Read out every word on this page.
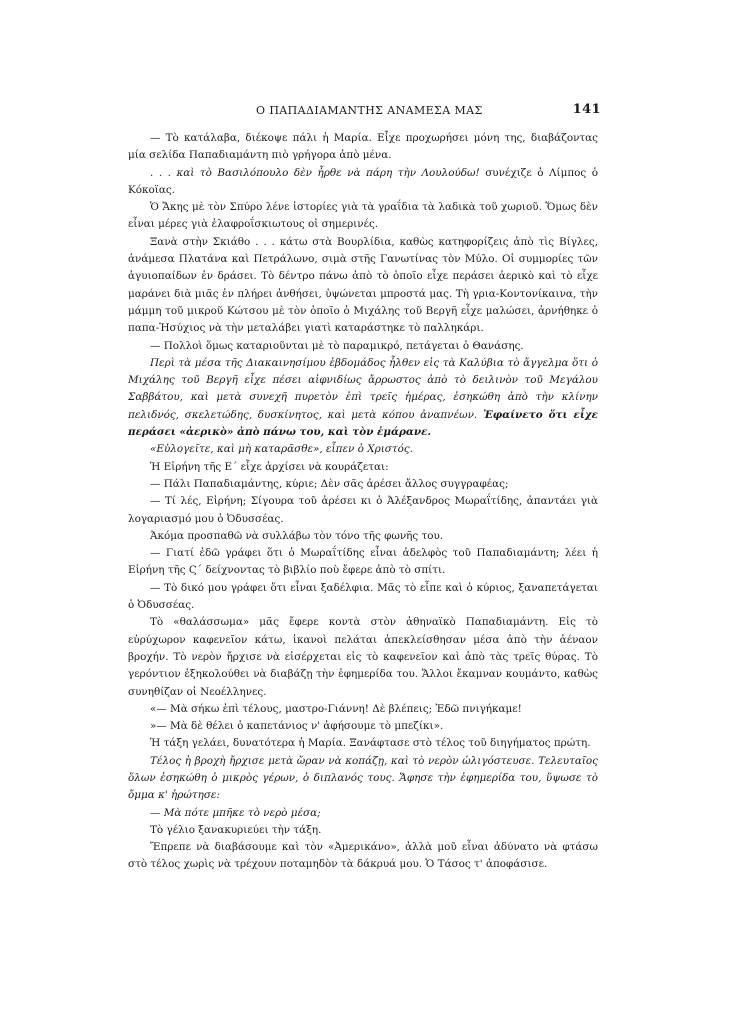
Ο ΠΑΠΑΔΙΑΜΑΝΤΗΣ ΑΝΑΜΕΣΑ ΜΑΣ	141

— Τὸ κατάλαβα, διέκοψε πάλι ἡ Μαρία. Εἶχε προχωρήσει μόνη της, διαβάζοντας μία σελίδα Παπαδιαμάντη πιὸ γρήγορα ἀπὸ μένα.

. . . καὶ τὸ Βασιλόπουλο δὲν ἦρθε νὰ πάρη τὴν Λουλούδω! συνέχιζε ὁ Λίμπος ὁ Κόκοϊας.

Ὁ Ἄκης μὲ τὸν Σπύρο λένε ἱστορίες γιὰ τὰ γραΐδια τὰ λαδικὰ τοῦ χωριοῦ. Ὅμως δὲν εἶναι μέρες γιὰ ἐλαφροΐσκιωτους οἱ σημερινές.

Ξανὰ στὴν Σκιάθο . . . κάτω στὰ Βουρλίδια, καθὼς κατηφορίζεις ἀπὸ τὶς Βίγλες, ἀνάμεσα Πλατάνα καὶ Πετράλωνο, σιμὰ στῆς Γανωτίνας τὸν Μύλο. Οἱ συμμορίες τῶν ἀγυιοπαίδων ἐν δράσει. Τὸ δέντρο πάνω ἀπὸ τὸ ὁποῖο εἶχε περάσει ἀερικὸ καὶ τὸ εἶχε μαράνει διὰ μιᾶς ἐν πλήρει ἀνθήσει, ὑψώνεται μπροστά μας. Τὴ γρια-Κοντονίκαινα, τὴν μάμμη τοῦ μικροῦ Κώτσου μὲ τὸν ὁποῖο ὁ Μιχάλης τοῦ Βεργῆ εἶχε μαλώσει, ἀρνήθηκε ὁ παπα-Ἡσύχιος νὰ τὴν μεταλάβει γιατὶ καταράστηκε τὸ παλληκάρι.

— Πολλοὶ ὅμως καταριοῦνται μὲ τὸ παραμικρό, πετάγεται ὁ Θανάσης.

Περὶ τὰ μέσα τῆς Διακαινησίμου ἑβδομάδος ἦλθεν εἰς τὰ Καλύβια τὸ ἄγγελμα ὅτι ὁ Μιχάλης τοῦ Βεργῆ εἶχε πέσει αἰφνιδίως ἄρρωστος ἀπὸ τὸ δειλινὸν τοῦ Μεγάλου Σαββάτου, καὶ μετὰ συνεχῆ πυρετὸν ἐπὶ τρεῖς ἡμέρας, ἐσηκώθη ἀπὸ τὴν κλίνην πελιδνός, σκελετώδης, δυσκίνητος, καὶ μετὰ κόπου ἀναπνέων. Ἐφαίνετο ὅτι εἶχε περάσει «ἀερικὸ» ἀπὸ πάνω του, καὶ τὸν ἐμάρανε.

«Εὐλογεῖτε, καὶ μὴ καταρᾶσθε», εἶπεν ὁ Χριστός.

Ἡ Εἰρήνη τῆς Ε΄ εἶχε ἀρχίσει νὰ κουράζεται:

— Πάλι Παπαδιαμάντης, κύριε; Δὲν σᾶς ἀρέσει ἄλλος συγγραφέας;

— Τί λές, Εἰρήνη; Σίγουρα τοῦ ἀρέσει κι ὁ Ἀλέξανδρος Μωραΐτίδης, ἀπαντάει γιὰ λογαριασμό μου ὁ Ὀδυσσέας.

Ἀκόμα προσπαθῶ νὰ συλλάβω τὸν τόνο τῆς φωνῆς του.

— Γιατί ἐδῶ γράφει ὅτι ὁ Μωραΐτίδης εἶναι ἀδελφὸς τοῦ Παπαδιαμάντη; λέει ἡ Εἰρήνη τῆς Ϛ΄ δείχνοντας τὸ βιβλίο ποὺ ἔφερε ἀπὸ τὸ σπίτι.

— Τὸ δικό μου γράφει ὅτι εἶναι ξαδέλφια. Μᾶς τὸ εἶπε καὶ ὁ κύριος, ξαναπετάγεται ὁ Ὀδυσσέας.

Τὸ «θαλάσσωμα» μᾶς ἔφερε κοντὰ στὸν ἀθηναϊκὸ Παπαδιαμάντη. Εἰς τὸ εὐρύχωρον καφενεῖον κάτω, ἱκανοὶ πελάται ἀπεκλείσθησαν μέσα ἀπὸ τὴν ἀέναον βροχήν. Τὸ νερὸν ἤρχισε νὰ εἰσέρχεται εἰς τὸ καφενεῖον καὶ ἀπὸ τὰς τρεῖς θύρας. Τὸ γερόντιον ἐξηκολούθει νὰ διαβάζῃ τὴν ἐφημερίδα του. Ἄλλοι ἔκαμναν κουμάντο, καθὼς συνηθίζαν οἱ Νεοέλληνες.

«— Μὰ σήκω ἐπὶ τέλους, μαστρο-Γιάννη! Δὲ βλέπεις; Ἐδῶ πνιγήκαμε!

»— Μὰ δὲ θέλει ὁ καπετάνιος ν' ἀφήσουμε τὸ μπεζίκι».

Ἡ τάξη γελάει, δυνατότερα ἡ Μαρία. Ξανάφτασε στὸ τέλος τοῦ διηγήματος πρώτη.

Τέλος ἡ βροχὴ ἤρχισε μετὰ ὥραν νὰ κοπάζῃ, καὶ τὸ νερὸν ὠλιγόστευσε. Τελευταῖος ὅλων ἐσηκώθη ὁ μικρὸς γέρων, ὁ διπλανός τους. Ἄφησε τὴν ἐφημερίδα του, ὕψωσε τὸ ὄμμα κ' ἠρώτησε:

— Μὰ πότε μπῆκε τὸ νερὸ μέσα;

Τὸ γέλιο ξανακυριεύει τὴν τάξη.

Ἔπρεπε νὰ διαβάσουμε καὶ τὸν «Ἀμερικάνο», ἀλλὰ μοῦ εἶναι ἀδύνατο νὰ φτάσω στὸ τέλος χωρὶς νὰ τρέχουν ποταμηδὸν τὰ δάκρυά μου. Ὁ Τάσος τ' ἀποφάσισε.
